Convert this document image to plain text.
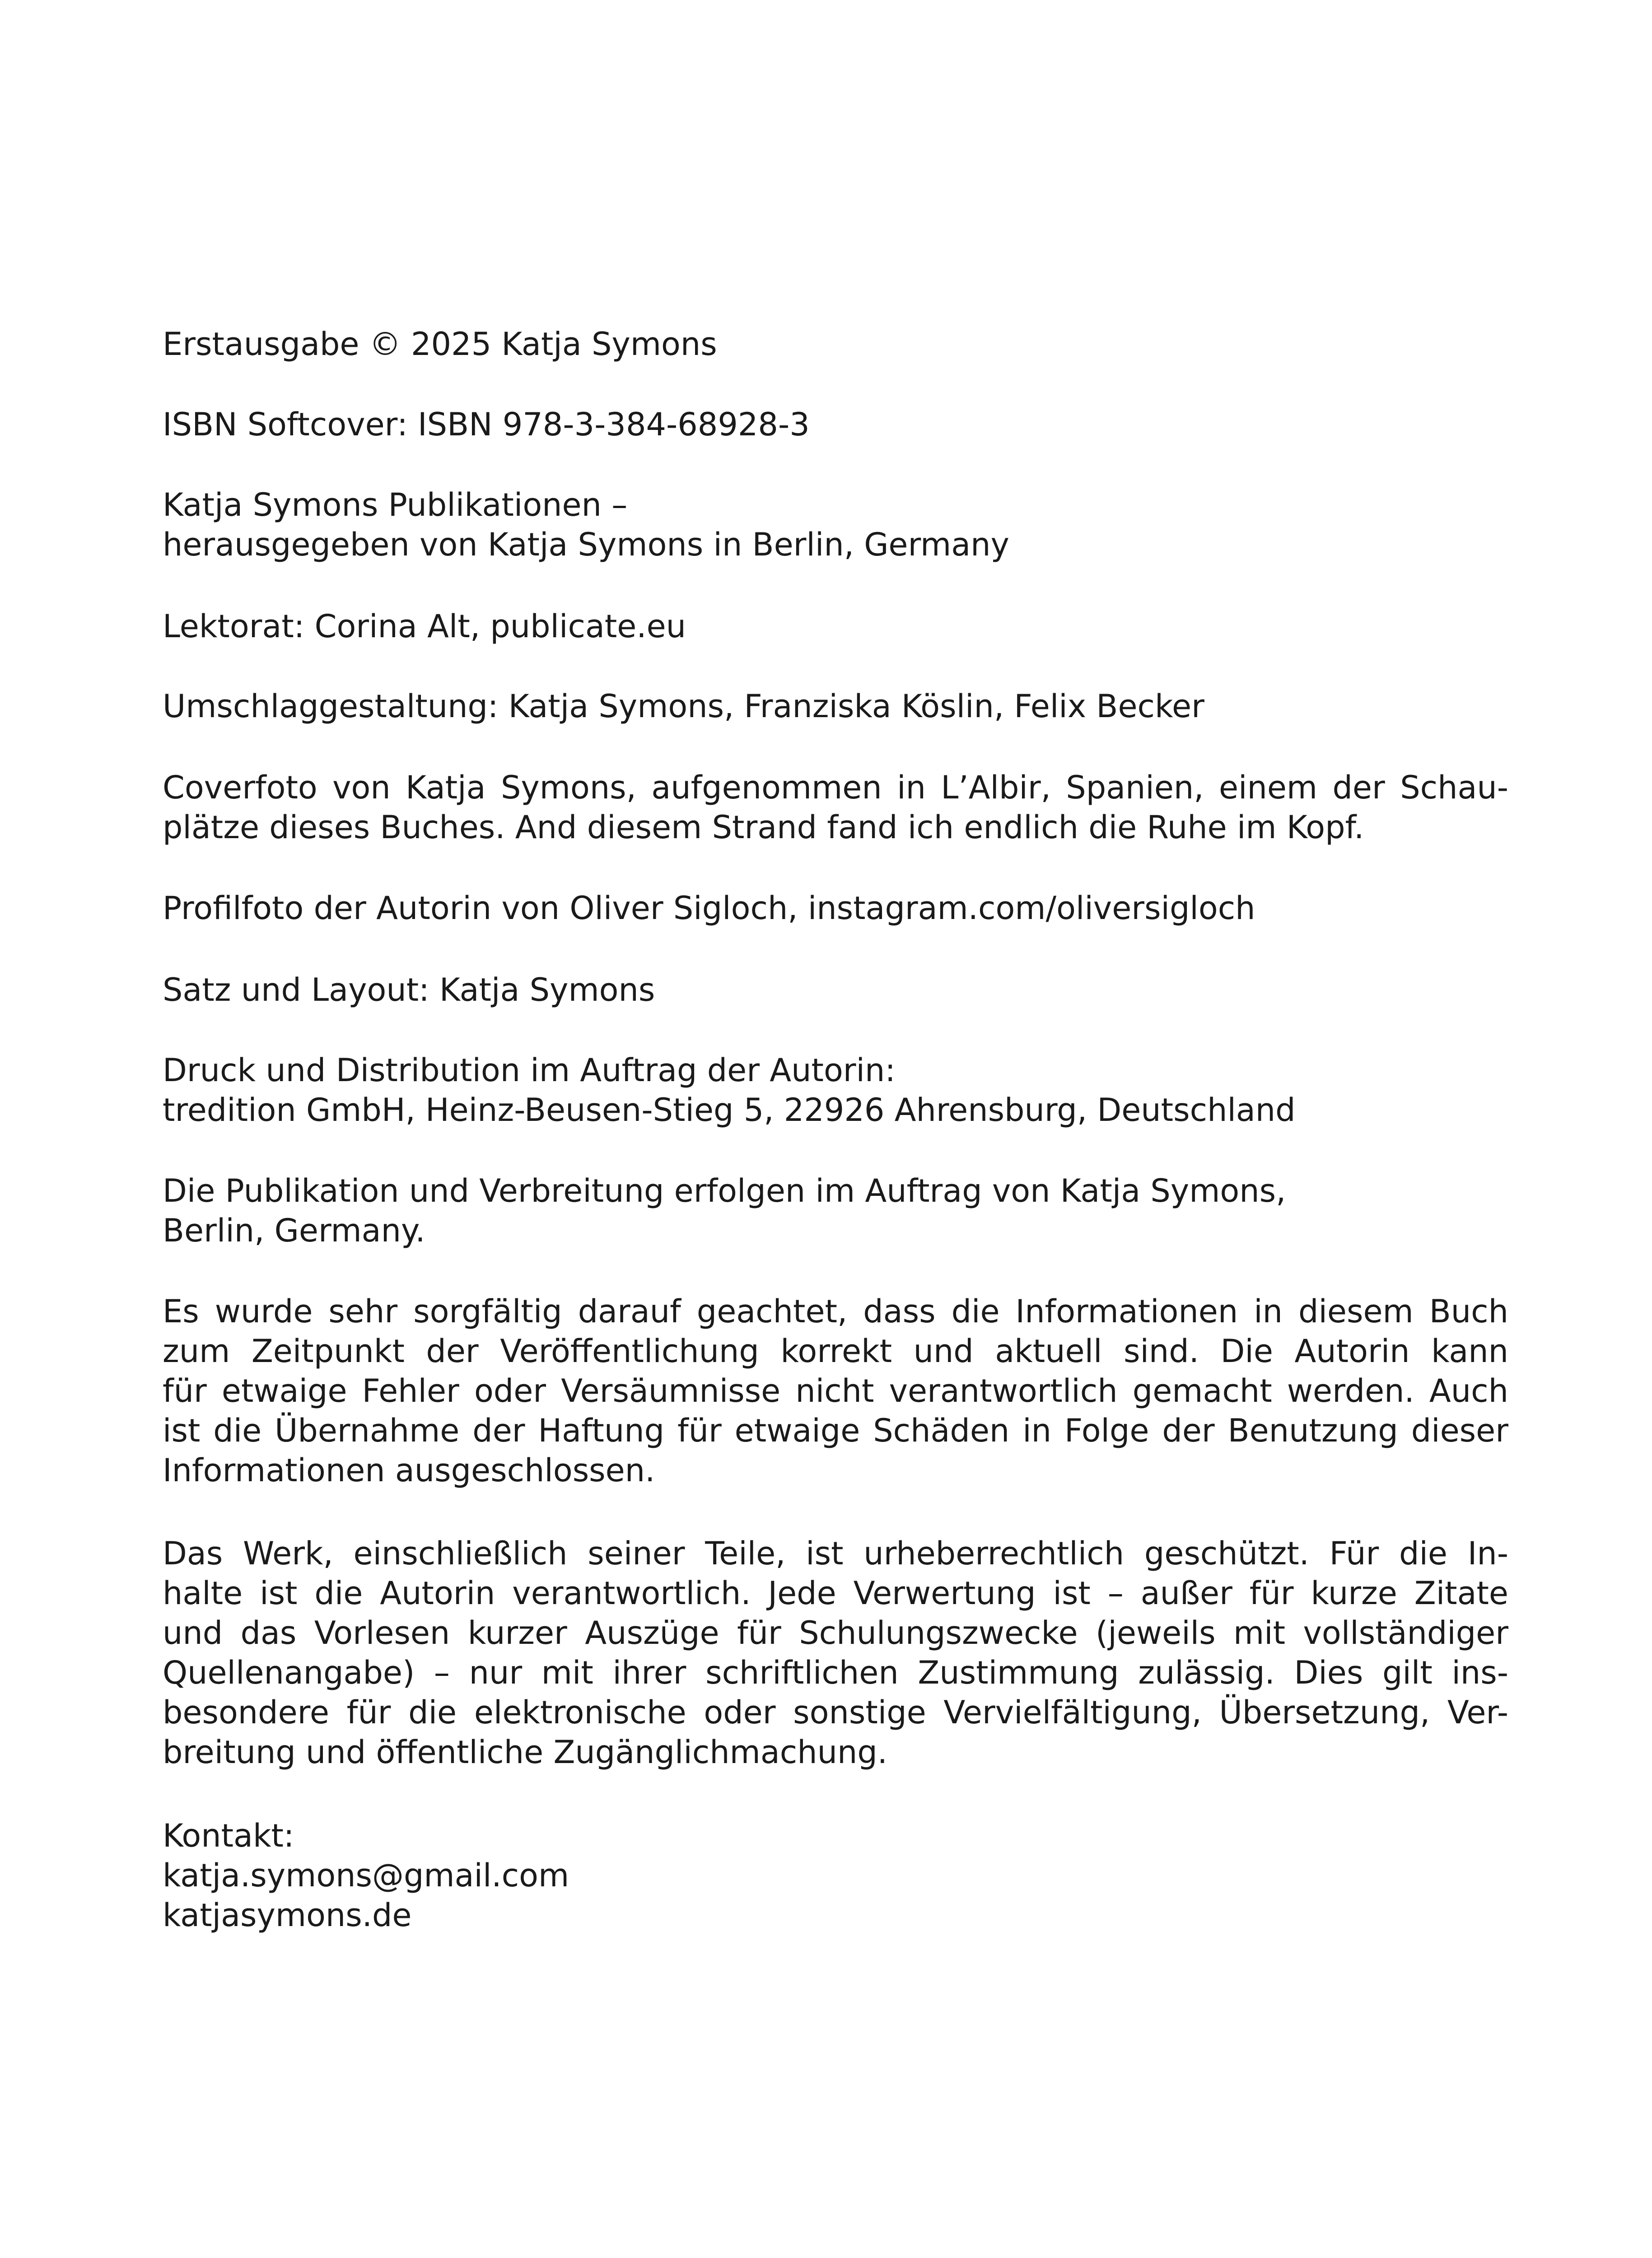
Erstausgabe © 2025 Katja Symons

ISBN Softcover: ISBN 978-3-384-68928-3

Katja Symons Publikationen –
herausgegeben von Katja Symons in Berlin, Germany

Lektorat: Corina Alt, publicate.eu

Umschlaggestaltung: Katja Symons, Franziska Köslin, Felix Becker

Coverfoto von Katja Symons, aufgenommen in L’Albir, Spanien, einem der Schau-
plätze dieses Buches. And diesem Strand fand ich endlich die Ruhe im Kopf.

Profilfoto der Autorin von Oliver Sigloch, instagram.com/oliversigloch

Satz und Layout: Katja Symons

Druck und Distribution im Auftrag der Autorin:
tredition GmbH, Heinz-Beusen-Stieg 5, 22926 Ahrensburg, Deutschland

Die Publikation und Verbreitung erfolgen im Auftrag von Katja Symons,
Berlin, Germany.

Es wurde sehr sorgfältig darauf geachtet, dass die Informationen in diesem Buch
zum Zeitpunkt der Veröffentlichung korrekt und aktuell sind. Die Autorin kann
für etwaige Fehler oder Versäumnisse nicht verantwortlich gemacht werden. Auch
ist die Übernahme der Haftung für etwaige Schäden in Folge der Benutzung dieser
Informationen ausgeschlossen.

Das Werk, einschließlich seiner Teile, ist urheberrechtlich geschützt. Für die In-
halte ist die Autorin verantwortlich. Jede Verwertung ist – außer für kurze Zitate
und das Vorlesen kurzer Auszüge für Schulungszwecke (jeweils mit vollständiger
Quellenangabe) – nur mit ihrer schriftlichen Zustimmung zulässig. Dies gilt ins-
besondere für die elektronische oder sonstige Vervielfältigung, Übersetzung, Ver-
breitung und öffentliche Zugänglichmachung.

Kontakt:
katja.symons@gmail.com
katjasymons.de
